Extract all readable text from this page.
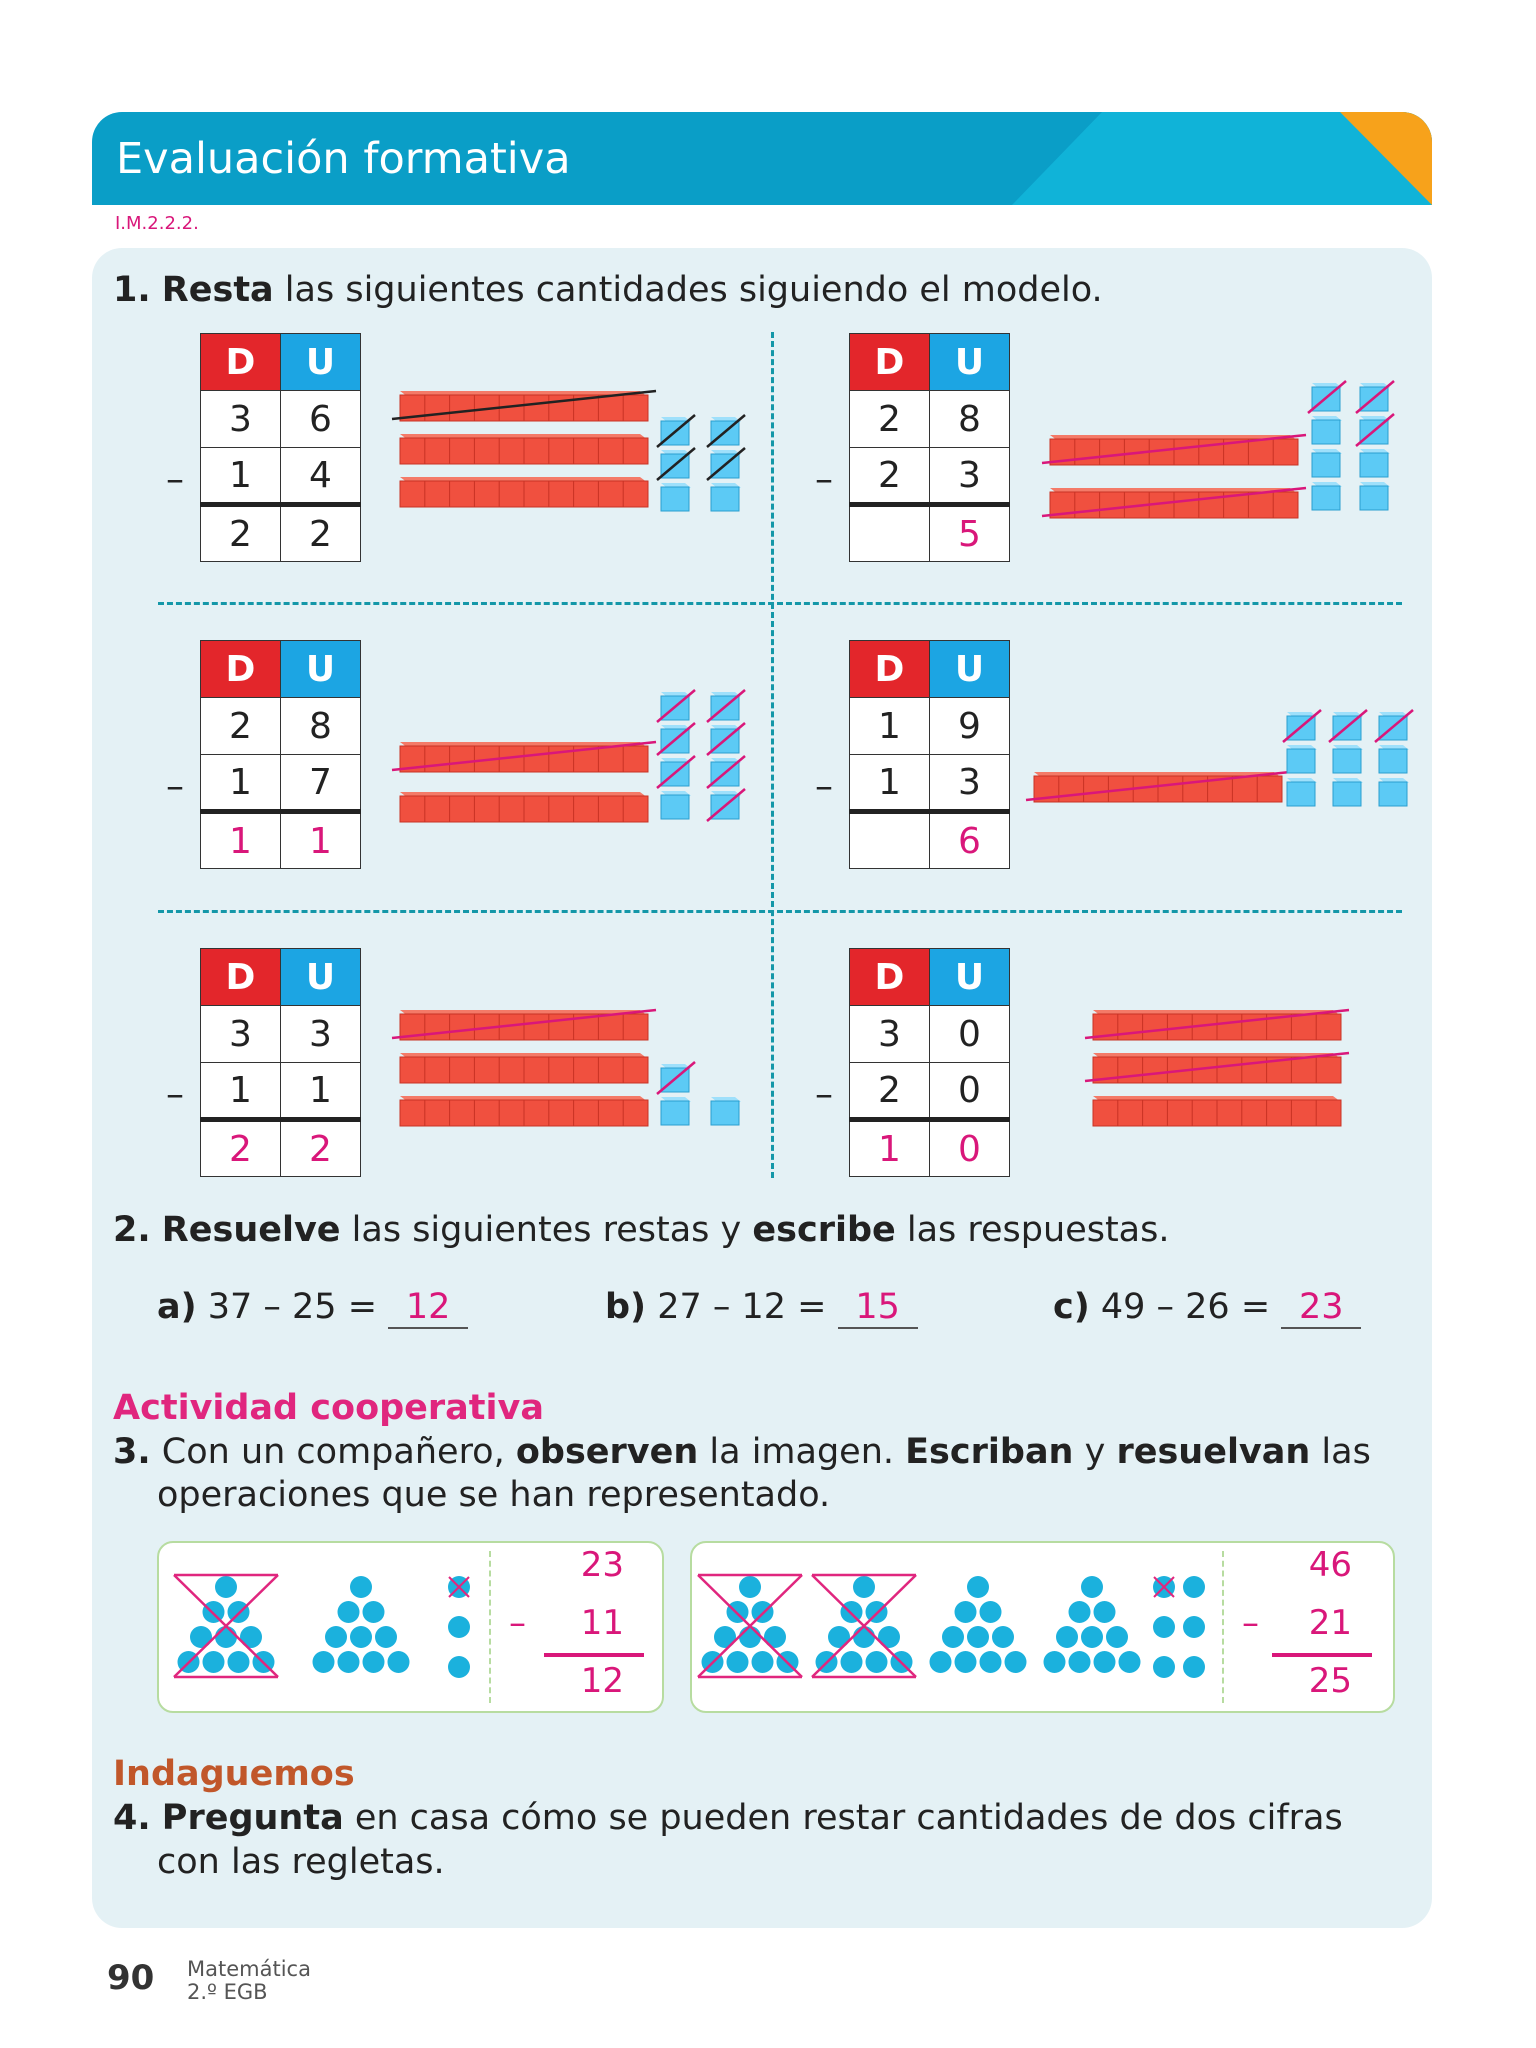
Evaluación formativa
DUA
Acción y expresión
I.M.2.2.2.
1. Resta las siguientes cantidades siguiendo el modelo.
–
D	U
3	6
1	4
2	2
–
D	U
2	8
2	3
	5
–
D	U
2	8
1	7
1	1
–
D	U
1	9
1	3
	6
–
D	U
3	3
1	1
2	2
–
D	U
3	0
2	0
1	0
2. Resuelve las siguientes restas y escribe las respuestas.
a) 37 – 25 = 12	b) 27 – 12 = 15	c) 49 – 26 = 23
Actividad cooperativa
3. Con un compañero, observen la imagen. Escriban y resuelvan las
operaciones que se han representado.
23
–	11
12
46
–	21
25
Indaguemos
4. Pregunta en casa cómo se pueden restar cantidades de dos cifras
con las regletas.
90 Matemática
2.º EGB
